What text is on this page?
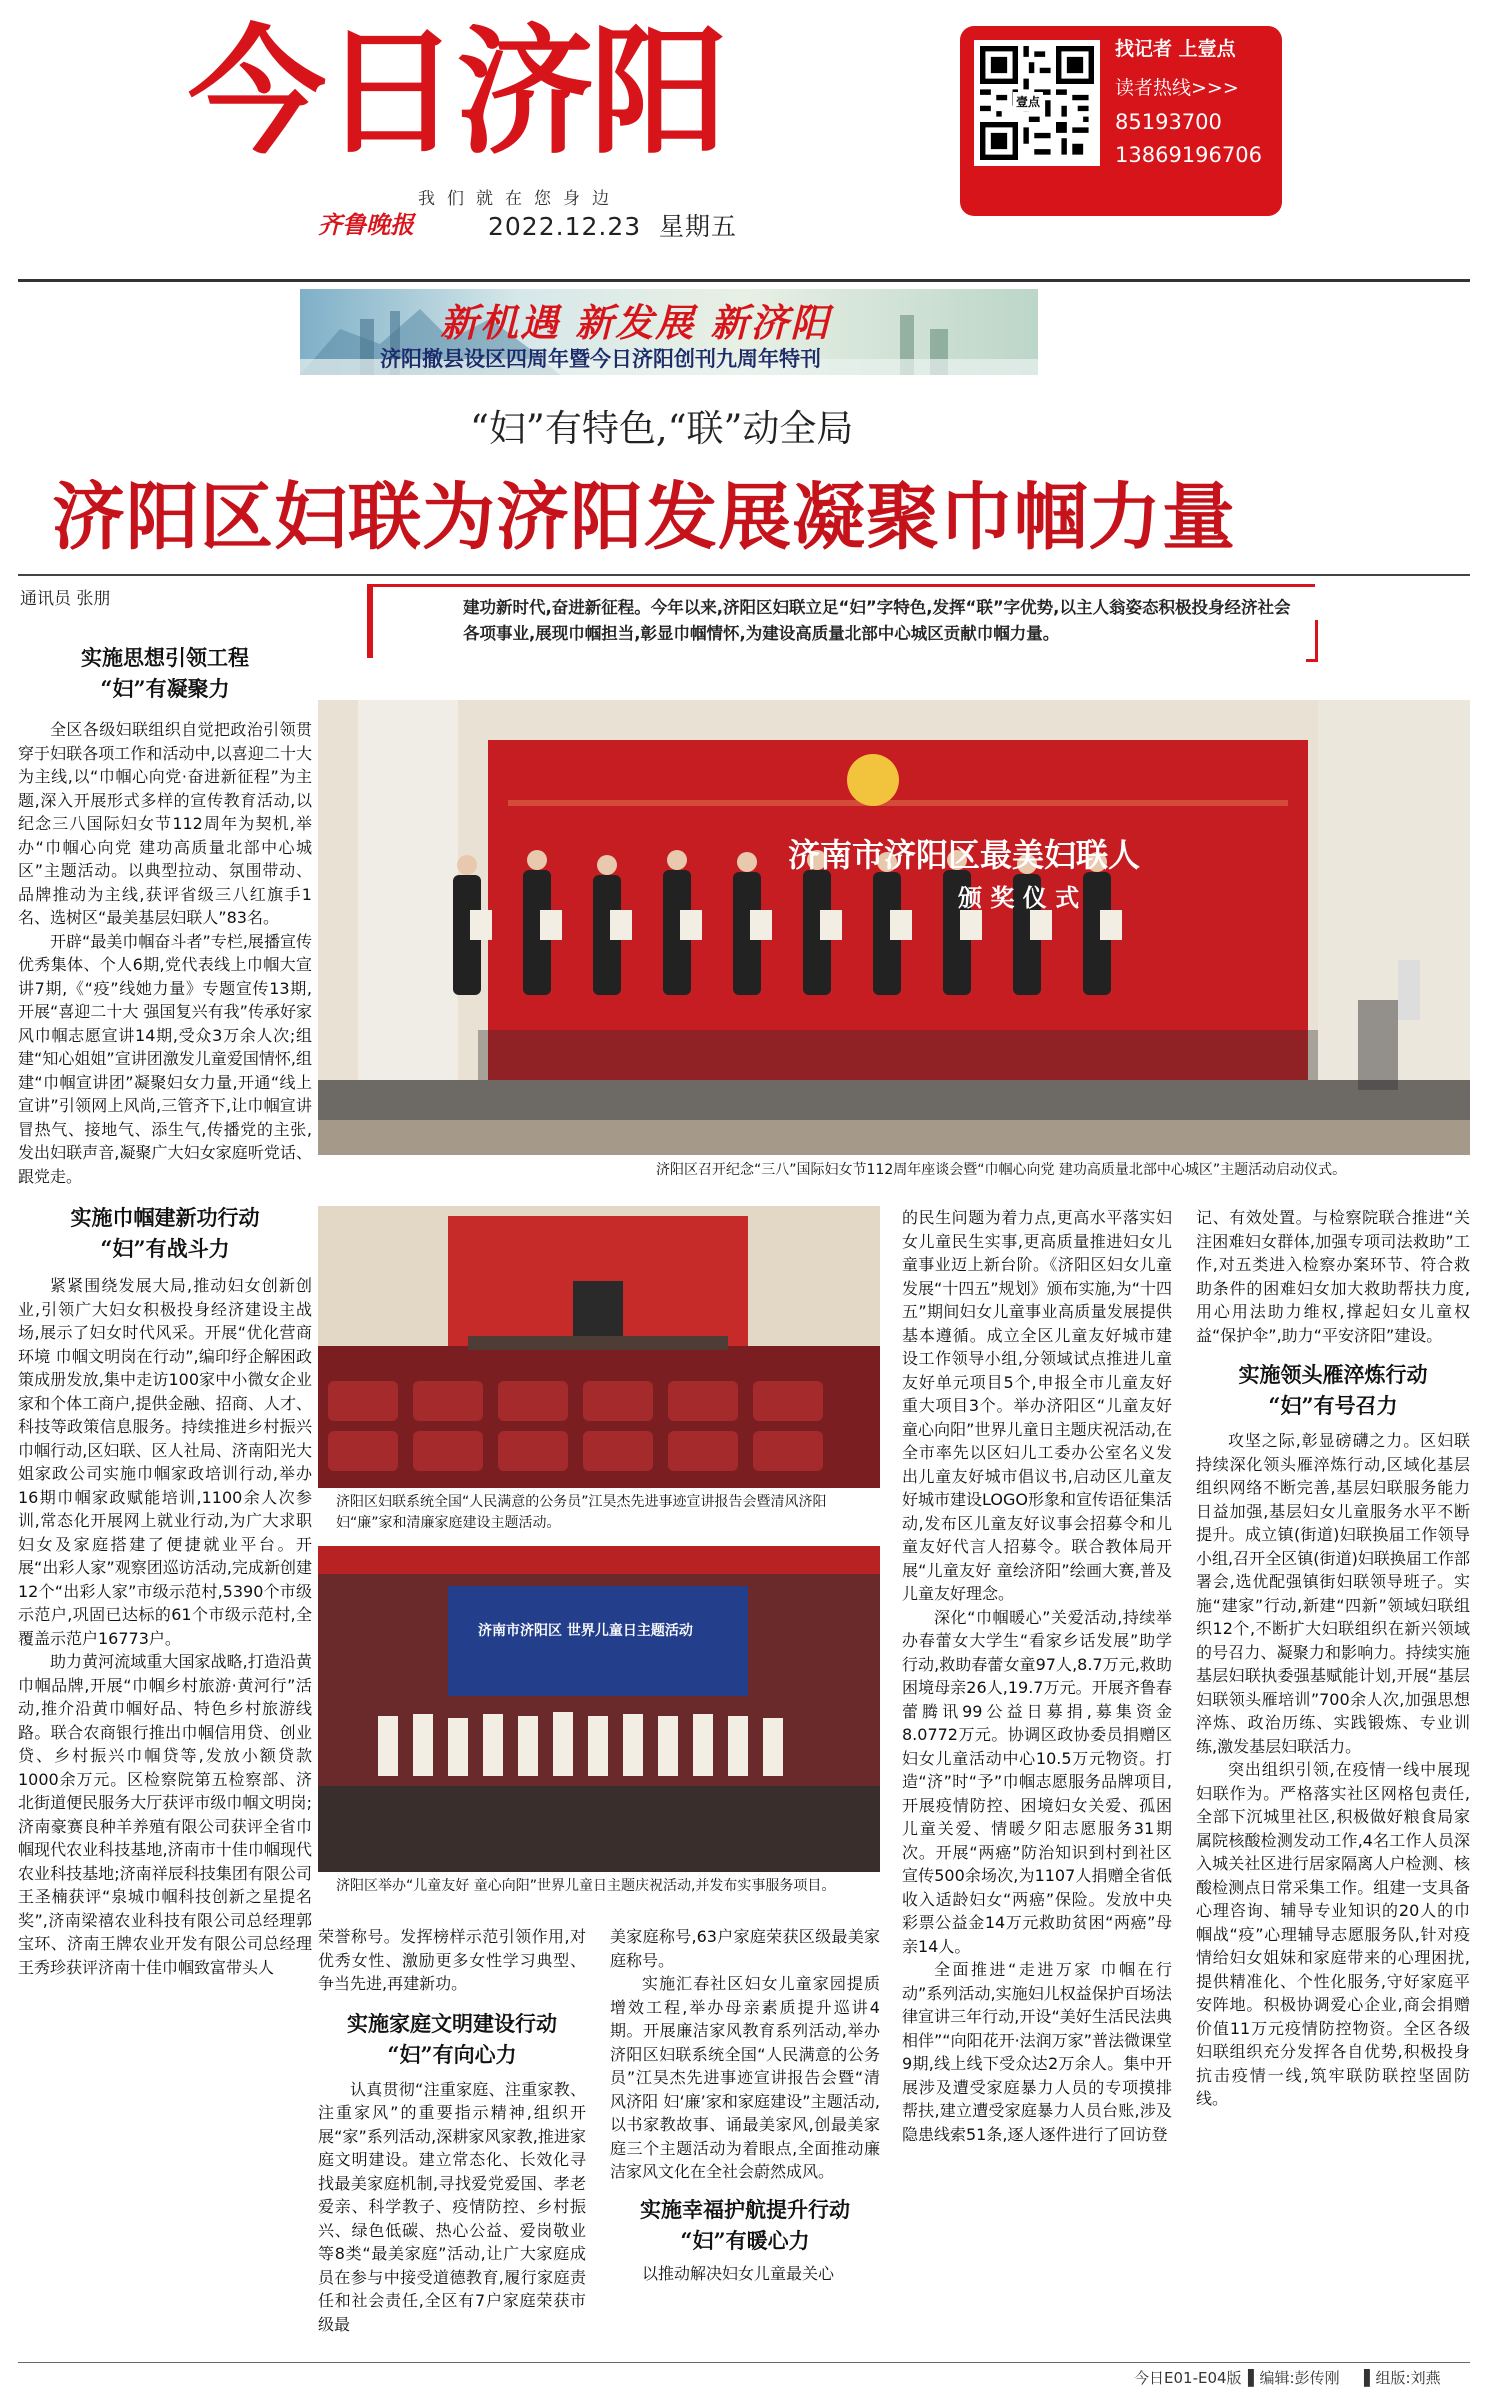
今日济阳
我们就在您身边
齐鲁晚报	2022.12.23 星期五
壹点
找记者 上壹点
读者热线>>>
85193700
13869196706
新机遇 新发展 新济阳
济阳撤县设区四周年暨今日济阳创刊九周年特刊
“妇”有特色,“联”动全局
济阳区妇联为济阳发展凝聚巾帼力量
通讯员 张朋	建功新时代,奋进新征程。今年以来,济阳区妇联立足“妇”字特色,发挥“联”字优势,以主人翁姿态积极投身经济社会各项事业,展现巾帼担当,彰显巾帼情怀,为建设高质量北部中心城区贡献巾帼力量。
实施思想引领工程
“妇”有凝聚力

全区各级妇联组织自觉把政治引领贯穿于妇联各项工作和活动中,以喜迎二十大为主线,以“巾帼心向党·奋进新征程”为主题,深入开展形式多样的宣传教育活动,以纪念三八国际妇女节112周年为契机,举办“巾帼心向党 建功高质量北部中心城区”主题活动。以典型拉动、氛围带动、品牌推动为主线,获评省级三八红旗手1名、选树区“最美基层妇联人”83名。

开辟“最美巾帼奋斗者”专栏,展播宣传优秀集体、个人6期,党代表线上巾帼大宣讲7期,《“疫”线她力量》专题宣传13期,开展“喜迎二十大 强国复兴有我”传承好家风巾帼志愿宣讲14期,受众3万余人次;组建“知心姐姐”宣讲团激发儿童爱国情怀,组建“巾帼宣讲团”凝聚妇女力量,开通“线上宣讲”引领网上风尚,三管齐下,让巾帼宣讲冒热气、接地气、添生气,传播党的主张,发出妇联声音,凝聚广大妇女家庭听党话、跟党走。

实施巾帼建新功行动
“妇”有战斗力

紧紧围绕发展大局,推动妇女创新创业,引领广大妇女积极投身经济建设主战场,展示了妇女时代风采。开展“优化营商环境 巾帼文明岗在行动”,编印纾企解困政策成册发放,集中走访100家中小微女企业家和个体工商户,提供金融、招商、人才、科技等政策信息服务。持续推进乡村振兴巾帼行动,区妇联、区人社局、济南阳光大姐家政公司实施巾帼家政培训行动,举办16期巾帼家政赋能培训,1100余人次参训,常态化开展网上就业行动,为广大求职妇女及家庭搭建了便捷就业平台。开展“出彩人家”观察团巡访活动,完成新创建12个“出彩人家”市级示范村,5390个市级示范户,巩固已达标的61个市级示范村,全覆盖示范户16773户。

助力黄河流域重大国家战略,打造沿黄巾帼品牌,开展“巾帼乡村旅游·黄河行”活动,推介沿黄巾帼好品、特色乡村旅游线路。联合农商银行推出巾帼信用贷、创业贷、乡村振兴巾帼贷等,发放小额贷款1000余万元。区检察院第五检察部、济北街道便民服务大厅获评市级巾帼文明岗;济南豪赛良种羊养殖有限公司获评全省巾帼现代农业科技基地,济南市十佳巾帼现代农业科技基地;济南祥辰科技集团有限公司王圣楠获评“泉城巾帼科技创新之星提名奖”,济南梁禧农业科技有限公司总经理郭宝环、济南王牌农业开发有限公司总经理王秀珍获评济南十佳巾帼致富带头人

济南市济阳区最美妇联人
颁 奖 仪 式
济阳区召开纪念“三八”国际妇女节112周年座谈会暨“巾帼心向党 建功高质量北部中心城区”主题活动启动仪式。
济阳区妇联系统全国“人民满意的公务员”江昊杰先进事迹宣讲报告会暨清风济阳妇“廉”家和清廉家庭建设主题活动。
济南市济阳区 世界儿童日主题活动
济阳区举办“儿童友好 童心向阳”世界儿童日主题庆祝活动,并发布实事服务项目。

荣誉称号。发挥榜样示范引领作用,对优秀女性、激励更多女性学习典型、争当先进,再建新功。

实施家庭文明建设行动
“妇”有向心力

认真贯彻“注重家庭、注重家教、注重家风”的重要指示精神,组织开展“家”系列活动,深耕家风家教,推进家庭文明建设。建立常态化、长效化寻找最美家庭机制,寻找爱党爱国、孝老爱亲、科学教子、疫情防控、乡村振兴、绿色低碳、热心公益、爱岗敬业等8类“最美家庭”活动,让广大家庭成员在参与中接受道德教育,履行家庭责任和社会责任,全区有7户家庭荣获市级最

美家庭称号,63户家庭荣获区级最美家庭称号。

实施汇春社区妇女儿童家园提质增效工程,举办母亲素质提升巡讲4期。开展廉洁家风教育系列活动,举办济阳区妇联系统全国“人民满意的公务员”江昊杰先进事迹宣讲报告会暨“清风济阳 妇‘廉’家和家庭建设”主题活动,以书家教故事、诵最美家风,创最美家庭三个主题活动为着眼点,全面推动廉洁家风文化在全社会蔚然成风。

实施幸福护航提升行动
“妇”有暖心力

以推动解决妇女儿童最关心

的民生问题为着力点,更高水平落实妇女儿童民生实事,更高质量推进妇女儿童事业迈上新台阶。《济阳区妇女儿童发展“十四五”规划》颁布实施,为“十四五”期间妇女儿童事业高质量发展提供基本遵循。成立全区儿童友好城市建设工作领导小组,分领域试点推进儿童友好单元项目5个,申报全市儿童友好重大项目3个。举办济阳区“儿童友好 童心向阳”世界儿童日主题庆祝活动,在全市率先以区妇儿工委办公室名义发出儿童友好城市倡议书,启动区儿童友好城市建设LOGO形象和宣传语征集活动,发布区儿童友好议事会招募令和儿童友好代言人招募令。联合教体局开展“儿童友好 童绘济阳”绘画大赛,普及儿童友好理念。

深化“巾帼暖心”关爱活动,持续举办春蕾女大学生“看家乡话发展”助学行动,救助春蕾女童97人,8.7万元,救助困境母亲26人,19.7万元。开展齐鲁春蕾腾讯99公益日募捐,募集资金8.0772万元。协调区政协委员捐赠区妇女儿童活动中心10.5万元物资。打造“济”时“予”巾帼志愿服务品牌项目,开展疫情防控、困境妇女关爱、孤困儿童关爱、情暖夕阳志愿服务31期次。开展“两癌”防治知识到村到社区宣传500余场次,为1107人捐赠全省低收入适龄妇女“两癌”保险。发放中央彩票公益金14万元救助贫困“两癌”母亲14人。

全面推进“走进万家 巾帼在行动”系列活动,实施妇儿权益保护百场法律宣讲三年行动,开设“美好生活民法典相伴”“向阳花开·法润万家”普法微课堂9期,线上线下受众达2万余人。集中开展涉及遭受家庭暴力人员的专项摸排帮扶,建立遭受家庭暴力人员台账,涉及隐患线索51条,逐人逐件进行了回访登

记、有效处置。与检察院联合推进“关注困难妇女群体,加强专项司法救助”工作,对五类进入检察办案环节、符合救助条件的困难妇女加大救助帮扶力度,用心用法助力维权,撑起妇女儿童权益“保护伞”,助力“平安济阳”建设。

实施领头雁淬炼行动
“妇”有号召力

攻坚之际,彰显磅礴之力。区妇联持续深化领头雁淬炼行动,区域化基层组织网络不断完善,基层妇联服务能力日益加强,基层妇女儿童服务水平不断提升。成立镇(街道)妇联换届工作领导小组,召开全区镇(街道)妇联换届工作部署会,选优配强镇街妇联领导班子。实施“建家”行动,新建“四新”领域妇联组织12个,不断扩大妇联组织在新兴领域的号召力、凝聚力和影响力。持续实施基层妇联执委强基赋能计划,开展“基层妇联领头雁培训”700余人次,加强思想淬炼、政治历练、实践锻炼、专业训练,激发基层妇联活力。

突出组织引领,在疫情一线中展现妇联作为。严格落实社区网格包责任,全部下沉城里社区,积极做好粮食局家属院核酸检测发动工作,4名工作人员深入城关社区进行居家隔离人户检测、核酸检测点日常采集工作。组建一支具备心理咨询、辅导专业知识的20人的巾帼战“疫”心理辅导志愿服务队,针对疫情给妇女姐妹和家庭带来的心理困扰,提供精准化、个性化服务,守好家庭平安阵地。积极协调爱心企业,商会捐赠价值11万元疫情防控物资。全区各级妇联组织充分发挥各自优势,积极投身抗击疫情一线,筑牢联防联控坚固防线。

今日E01-E04版 ▌编辑:彭传刚 ▌组版:刘燕
